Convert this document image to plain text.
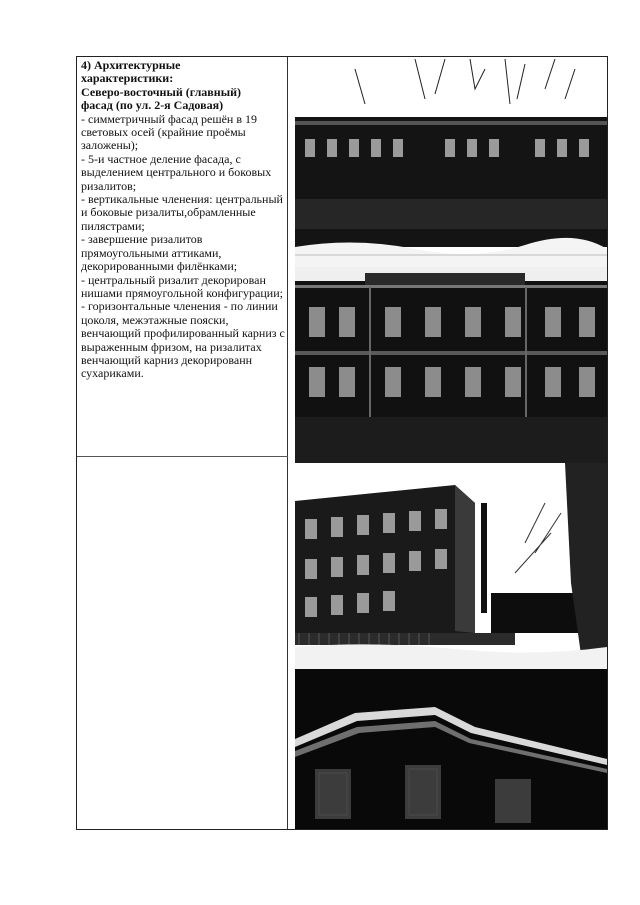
4) Архитектурные

характеристики:

Северо-восточный (главный)

фасад (по ул. 2-я Садовая)

- симметричный фасад решён в 19 световых осей (крайние проёмы заложены);

- 5-и частное деление фасада, с выделением центрального и боковых ризалитов;

- вертикальные членения: центральный и боковые ризалиты,обрамленные пилястрами;

- завершение ризалитов прямоугольными аттиками, декорированными филёнками;

- центральный ризалит декорирован нишами прямоугольной конфигурации;

- горизонтальные членения - по линии цоколя, межэтажные пояски, венчающий профилированный карниз с выраженным фризом, на ризалитах венчающий карниз декорированн сухариками.
